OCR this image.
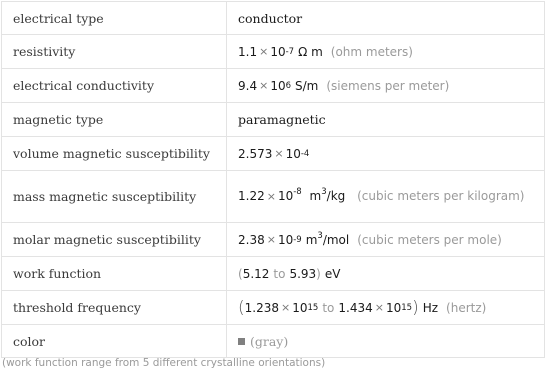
electrical type	conductor
resistivity	1.1 × 10 -7 Ω m (ohm meters)
electrical conductivity	9.4 × 10 6 S/m (siemens per meter)
magnetic type	paramagnetic
volume magnetic susceptibility	2.573 × 10 -4
mass magnetic susceptibility	$1.22 \times 10^{-8}$ $m^3/kg$ (cubic meters per kilogram)
molar magnetic susceptibility	2.38 × 10 -9 $m^3$/mol (cubic meters per mole)
work function	( 5.12 to 5.93 ) eV
threshold frequency	( 1.238 × 10 15 to 1.434 × 10 15 ) Hz (hertz)
color	(gray)
(work function range from 5 different crystalline orientations)
